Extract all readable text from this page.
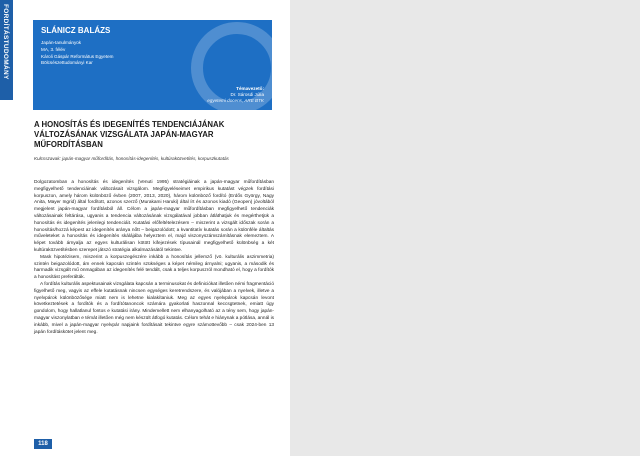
FORDÍTÁSTUDOMÁNY	SLÁNICZ BALÁZS
Japán-tanulmányok
MA, 3. félév
Károli Gáspár Református Egyetem
Bölcsészettudományi Kar
Témavezető:
Dr. Sárosdi Júlia
egyetemi docens, ARE BTK
A HONOSÍTÁS ÉS IDEGENÍTÉS TENDENCIÁJÁNAK VÁLTOZÁSÁNAK VIZSGÁLATA JAPÁN-MAGYAR MŰFORDÍTÁSBAN
Kulcsszavak: japán-magyar műfordítás, honosítás-idegenítés, kultúraközvetítés, korpuszkutatás

Dolgozatomban a honosítás és idegenítés (Venuti 1995) stratégiáinak a japán-magyar műfordításban megfigyelhető tendenciáinak változásait vizsgálom. Megfigyeléseimet empirikus kutatást végzek fordítási korpuszon, amely három különböző évben (2007, 2013, 2020), három különböző fordító (Erdős György, Nagy Anita, Mayer Ingrid) által fordított, azonos szerző (Murakami Haruki) által írt és azonos kiadó (Geopen) jóvoltából megjelent japán-magyar fordításból áll. Célom a japán-magyar műfordításban megfigyelhető tendenciák változásainak feltárása, ugyanis a tendencia változásának vizsgálatával jobban átláthatjuk és megérthetjük a honosítás és idegenítés jelenlegi tendenciáit. Kutatási előfeltételezésem – miszerint a vizsgált időszak során a honosítás/hozzá képest az idegenítés aránya nőtt – beigazolódott; a kvantitatív kutatás során a különféle általtás műveleteket a honosítás és idegenítés skálájába helyeztem el, majd viszonyszámszámításnak elemeztem. A képet tovább árnyalja az egyes kulturálisan kötött kifejezések típusainál megfigyelhető különbség a két kultúraközvetítésben szerepet játszó stratégia alkalmazásától tekintve.

Mask hipotézisem, miszerint a korpuszegészére inkább a honosítás jellemző (vö. kulturális aszimmetria) szintén beigazolódott, ám ennek kapcsán szintén szükséges a képet némileg árnyalni; ugyanis, a második és harmadik vizsgált mű önmagában az idegenítés felé tendált, csak a teljes korpuszról mondható el, hogy a fordítók a honosítást preferálták.

A fordítás kulturális aspektusainak vizsgálata kapcsán a terminusokat és definiciókat illetően némi fragmentáció figyelhető meg, vagyis az effele kutatásnak nincsen egységes keretrendszere, és valójában a nyelvek, illetve a nyelvpárok különbözősége miatt nem is lehetne kialakítaniuk. Meg az egyes nyelvpárok kapcsán levont következtetések a fordítók és a fordítótanoncok számára gyakorlati haszonnal keccsgtetnek, emiatt úgy gondolom, hogy hallatlanul fontos e kutatási irány. Mindemellett nem elhanyagolható az a tény sem, hogy japán-magyar viszonylatban e témát illetően még nem készült átfogó kutatás. Célom tehát e hiánynak a pótlása, annál is inkább, mivel a japán-magyar nyelvpár napjaink fordításait tekintve egyre számottevőbb – csak 2024-ben 13 japán fordításkötet jelent meg.

118
